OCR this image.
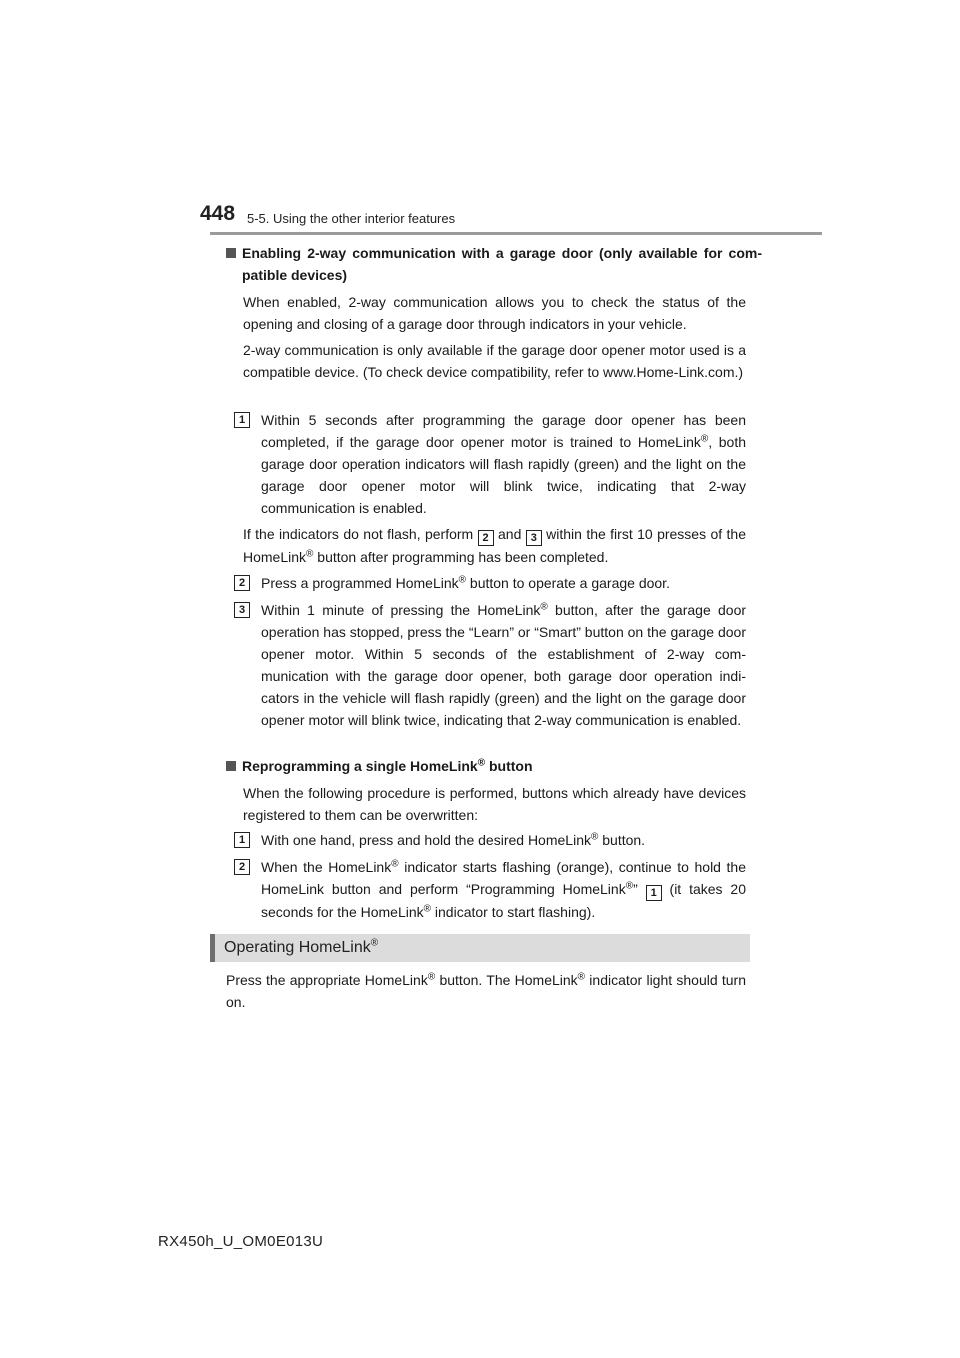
448 5-5. Using the other interior features
Enabling 2-way communication with a garage door (only available for com-patible devices)
When enabled, 2-way communication allows you to check the status of the opening and closing of a garage door through indicators in your vehicle.
2-way communication is only available if the garage door opener motor used is a compatible device. (To check device compatibility, refer to www.Home-Link.com.)
1	Within 5 seconds after programming the garage door opener has been completed, if the garage door opener motor is trained to HomeLink®, both garage door operation indicators will flash rapidly (green) and the light on the garage door opener motor will blink twice, indicating that 2-way communication is enabled.
If the indicators do not flash, perform 2 and 3 within the first 10 presses of the HomeLink® button after programming has been completed.
2	Press a programmed HomeLink® button to operate a garage door.
3	Within 1 minute of pressing the HomeLink® button, after the garage door operation has stopped, press the “Learn” or “Smart” button on the garage door opener motor. Within 5 seconds of the establishment of 2-way com-munication with the garage door opener, both garage door operation indi-cators in the vehicle will flash rapidly (green) and the light on the garage door opener motor will blink twice, indicating that 2-way communication is enabled.
Reprogramming a single HomeLink® button
When the following procedure is performed, buttons which already have devices registered to them can be overwritten:
1	With one hand, press and hold the desired HomeLink® button.
2	When the HomeLink® indicator starts flashing (orange), continue to hold the HomeLink button and perform “Programming HomeLink®” 1 (it takes 20 seconds for the HomeLink® indicator to start flashing).
Operating HomeLink®
Press the appropriate HomeLink® button. The HomeLink® indicator light should turn on.
RX450h_U_OM0E013U
